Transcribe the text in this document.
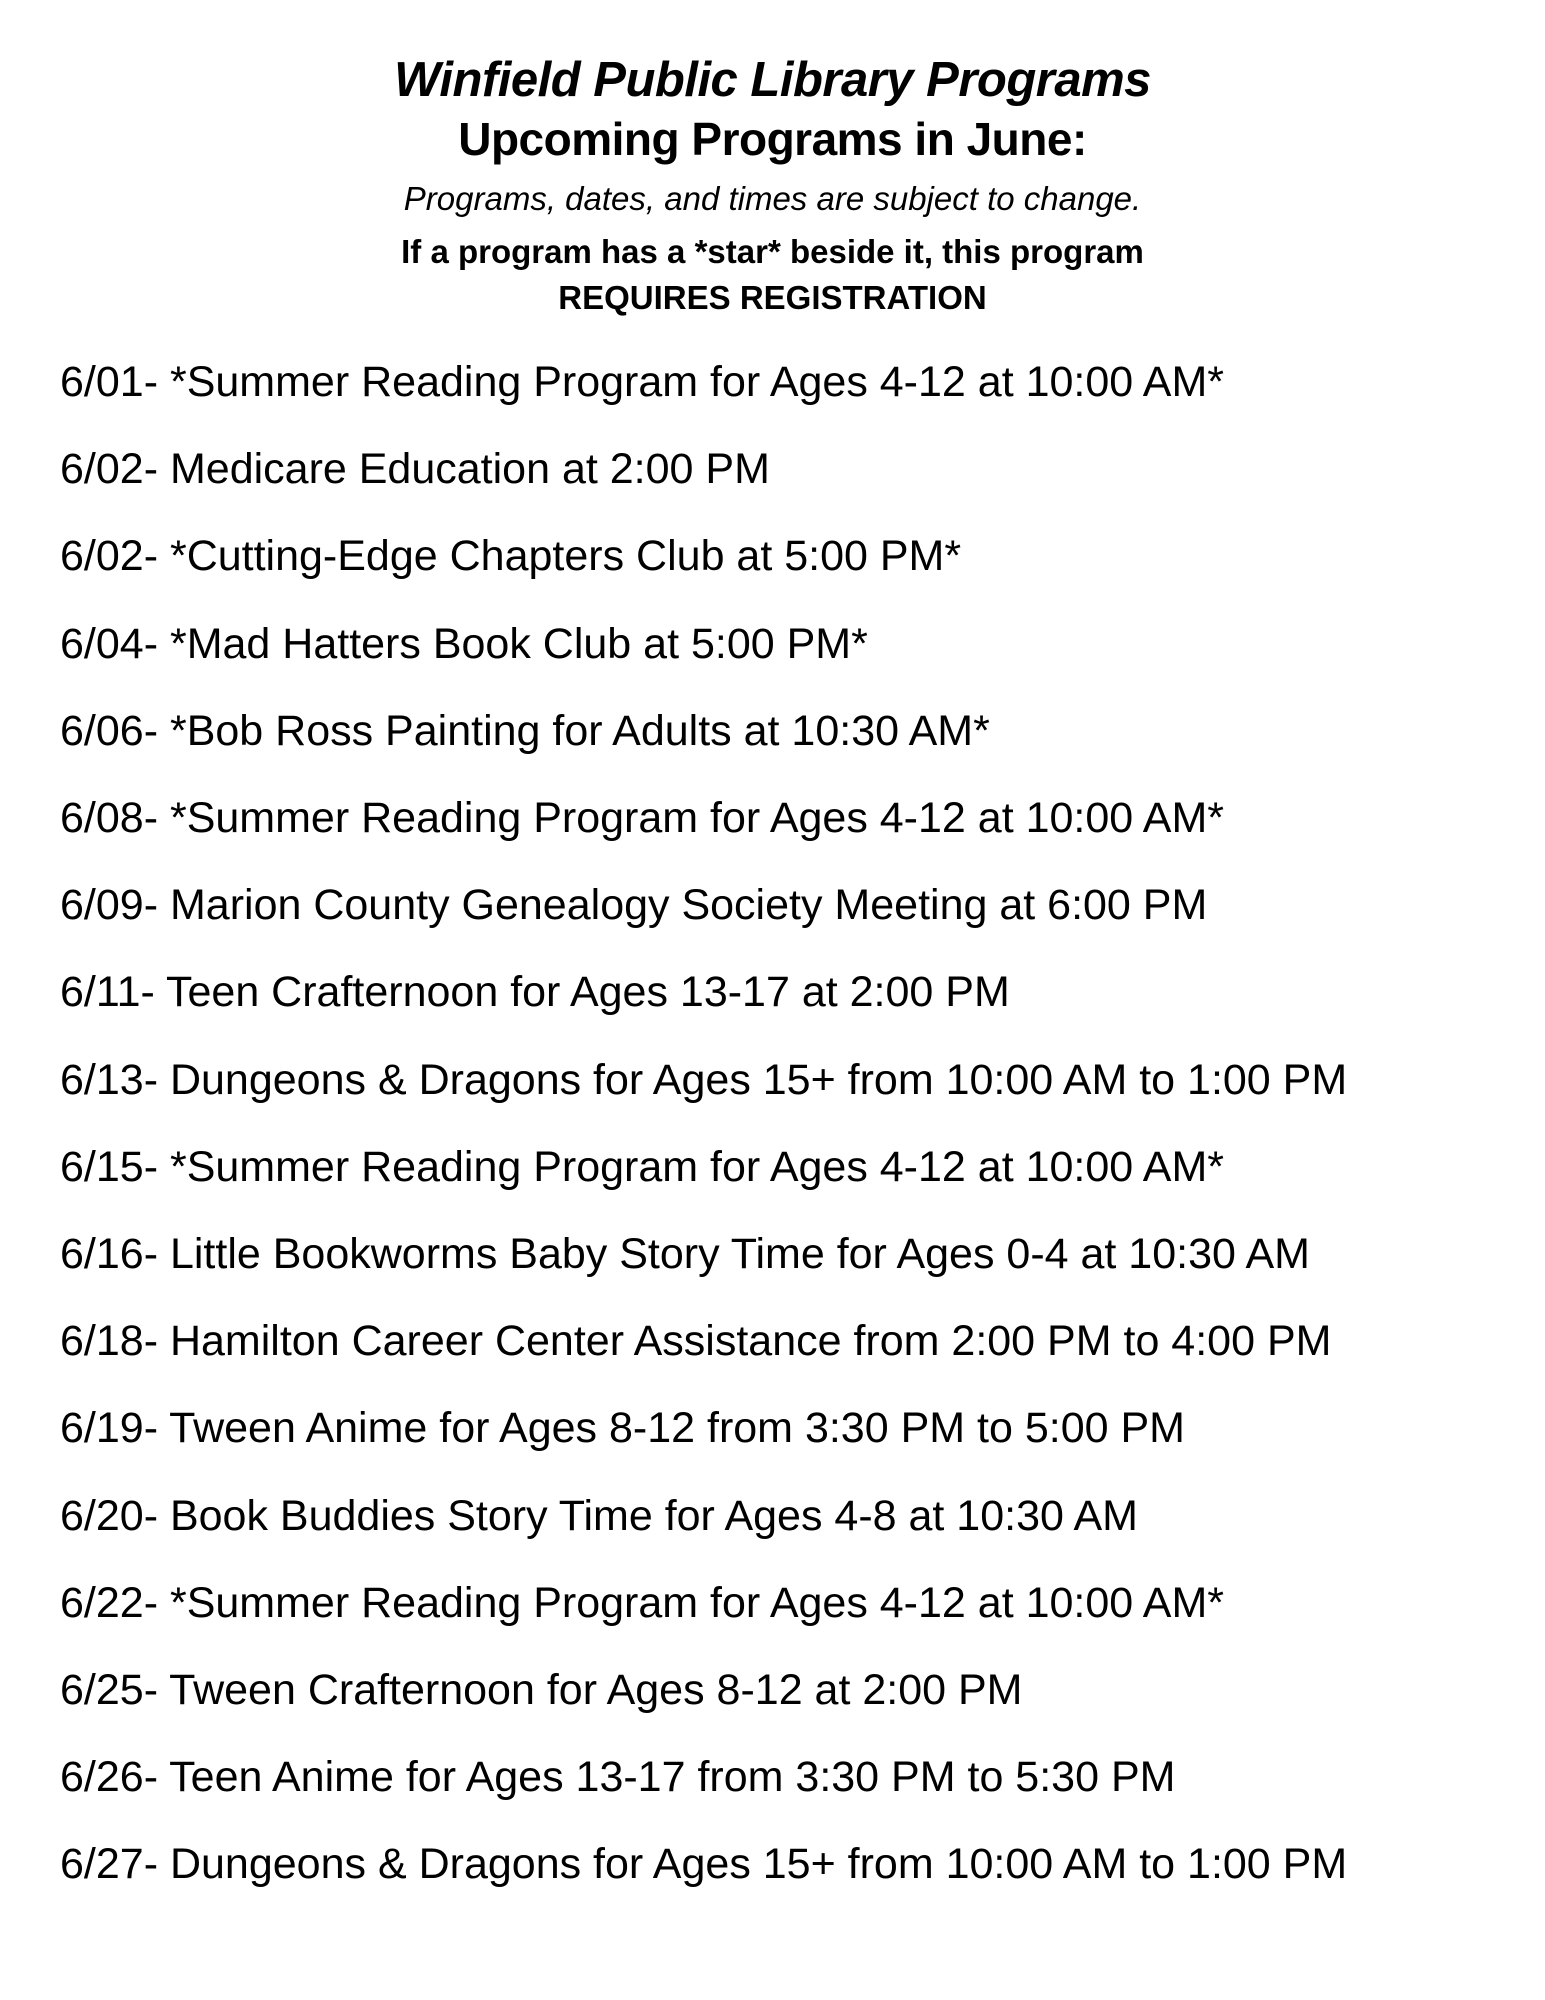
Winfield Public Library Programs
Upcoming Programs in June:
Programs, dates, and times are subject to change.
If a program has a *star* beside it, this program
REQUIRES REGISTRATION
6/01- *Summer Reading Program for Ages 4-12 at 10:00 AM*
6/02- Medicare Education at 2:00 PM
6/02- *Cutting-Edge Chapters Club at 5:00 PM*
6/04- *Mad Hatters Book Club at 5:00 PM*
6/06- *Bob Ross Painting for Adults at 10:30 AM*
6/08- *Summer Reading Program for Ages 4-12 at 10:00 AM*
6/09- Marion County Genealogy Society Meeting at 6:00 PM
6/11- Teen Crafternoon for Ages 13-17 at 2:00 PM
6/13- Dungeons & Dragons for Ages 15+ from 10:00 AM to 1:00 PM
6/15- *Summer Reading Program for Ages 4-12 at 10:00 AM*
6/16- Little Bookworms Baby Story Time for Ages 0-4 at 10:30 AM
6/18- Hamilton Career Center Assistance from 2:00 PM to 4:00 PM
6/19- Tween Anime for Ages 8-12 from 3:30 PM to 5:00 PM
6/20- Book Buddies Story Time for Ages 4-8 at 10:30 AM
6/22- *Summer Reading Program for Ages 4-12 at 10:00 AM*
6/25- Tween Crafternoon for Ages 8-12 at 2:00 PM
6/26- Teen Anime for Ages 13-17 from 3:30 PM to 5:30 PM
6/27- Dungeons & Dragons for Ages 15+ from 10:00 AM to 1:00 PM
